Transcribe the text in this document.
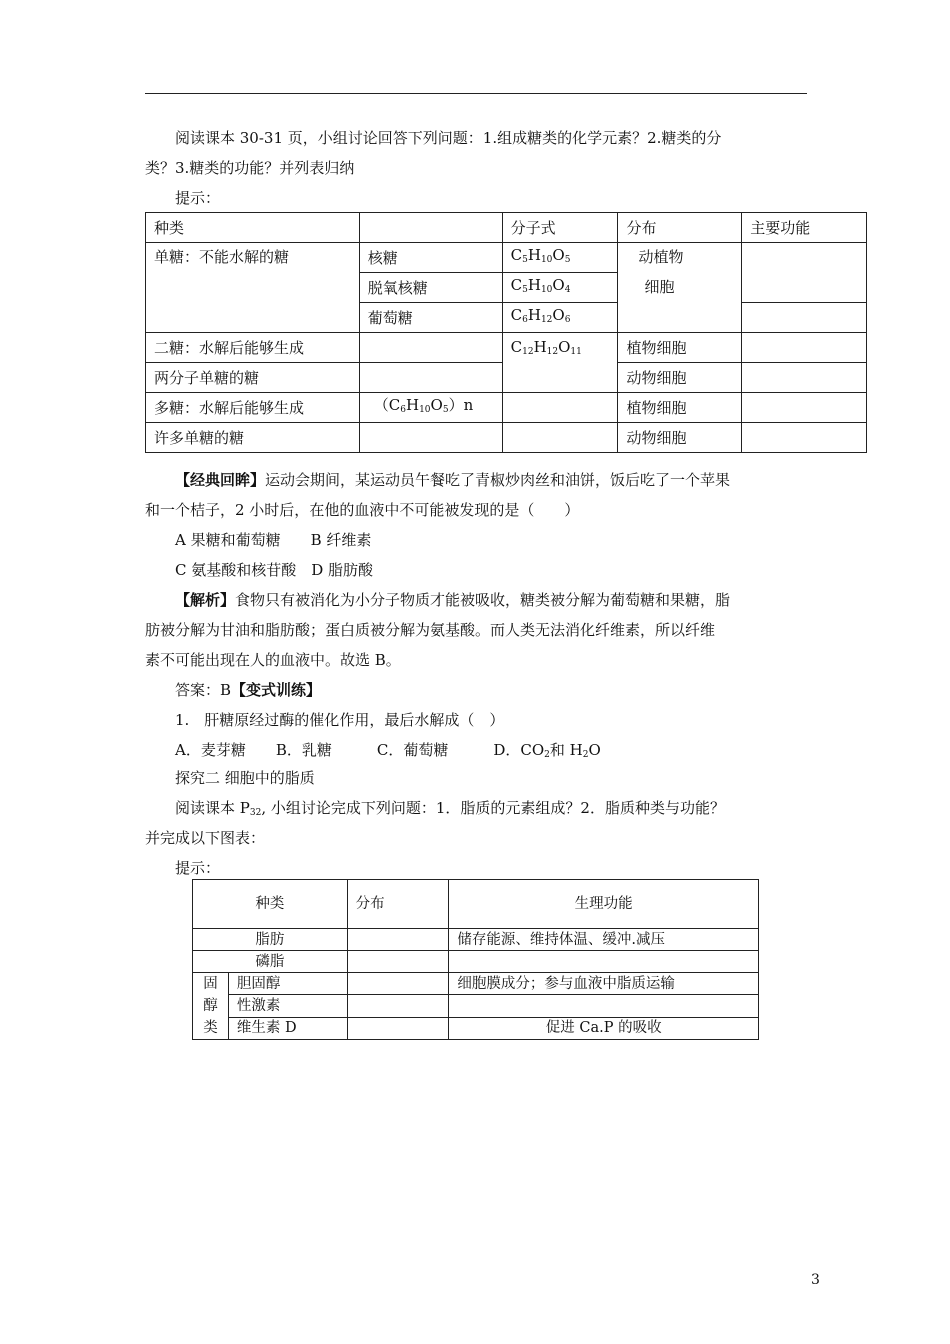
阅读课本 30-31 页，小组讨论回答下列问题：1.组成糖类的化学元素？2.糖类的分
类？3.糖类的功能？并列表归纳
提示：
种类		分子式	分布	主要功能
单糖：不能水解的糖	核糖	$C_5H_{10}O_5$	动植物
细胞	

	脱氧核糖	$C_5H_{10}O_4$
	葡萄糖	$C_6H_{12}O_6$	
二糖：水解后能够生成		$C_{12}H_{12}O_{11}$	植物细胞	
两分子单糖的糖			动物细胞	
多糖：水解后能够生成	$(C_6H_{10}O_5)n$		植物细胞	
许多单糖的糖			动物细胞	
【经典回眸】运动会期间，某运动员午餐吃了青椒炒肉丝和油饼，饭后吃了一个苹果
和一个桔子，2 小时后，在他的血液中不可能被发现的是（　　）
A 果糖和葡萄糖　　B 纤维素
C 氨基酸和核苷酸　D 脂肪酸
【解析】食物只有被消化为小分子物质才能被吸收，糖类被分解为葡萄糖和果糖，脂
肪被分解为甘油和脂肪酸；蛋白质被分解为氨基酸。而人类无法消化纤维素，所以纤维
素不可能出现在人的血液中。故选 B。
答案：B【变式训练】
1.　肝糖原经过酶的催化作用，最后水解成（　）
A．麦芽糖　　B．乳糖　　　C．葡萄糖　　　D．$CO_2$和 $H_2O$
探究二 细胞中的脂质
阅读课本 $P_{32}$, 小组讨论完成下列问题：1．脂质的元素组成？2．脂质种类与功能？
并完成以下图表：
提示：
种类		分布	生理功能
脂肪			储存能源、维持体温、缓冲.减压
磷脂			

固
醇
类	胆固醇		细胞膜成分；参与血液中脂质运输
	性激素		
	维生素 D		促进 Ca.P 的吸收
3
